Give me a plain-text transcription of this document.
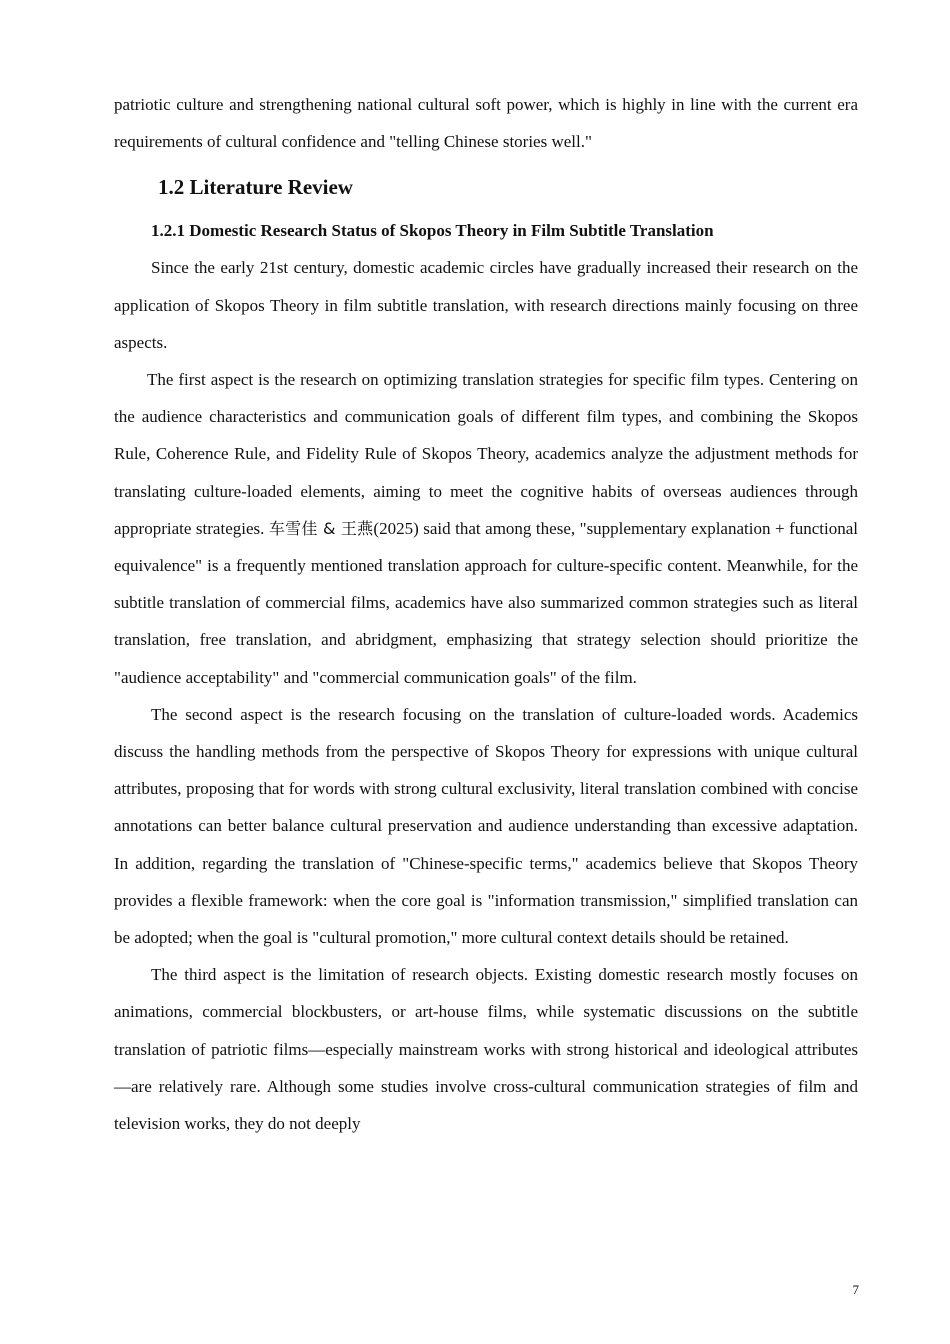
patriotic culture and strengthening national cultural soft power, which is highly in line with the current era requirements of cultural confidence and "telling Chinese stories well."

1.2 Literature Review
1.2.1 Domestic Research Status of Skopos Theory in Film Subtitle Translation

Since the early 21st century, domestic academic circles have gradually increased their research on the application of Skopos Theory in film subtitle translation, with research directions mainly focusing on three aspects.

The first aspect is the research on optimizing translation strategies for specific film types. Centering on the audience characteristics and communication goals of different film types, and combining the Skopos Rule, Coherence Rule, and Fidelity Rule of Skopos Theory, academics analyze the adjustment methods for translating culture-loaded elements, aiming to meet the cognitive habits of overseas audiences through appropriate strategies. 车雪佳 & 王燕(2025) said that among these, "supplementary explanation + functional equivalence" is a frequently mentioned translation approach for culture-specific content. Meanwhile, for the subtitle translation of commercial films, academics have also summarized common strategies such as literal translation, free translation, and abridgment, emphasizing that strategy selection should prioritize the "audience acceptability" and "commercial communication goals" of the film.

The second aspect is the research focusing on the translation of culture-loaded words. Academics discuss the handling methods from the perspective of Skopos Theory for expressions with unique cultural attributes, proposing that for words with strong cultural exclusivity, literal translation combined with concise annotations can better balance cultural preservation and audience understanding than excessive adaptation. In addition, regarding the translation of "Chinese-specific terms," academics believe that Skopos Theory provides a flexible framework: when the core goal is "information transmission," simplified translation can be adopted; when the goal is "cultural promotion," more cultural context details should be retained.

The third aspect is the limitation of research objects. Existing domestic research mostly focuses on animations, commercial blockbusters, or art-house films, while systematic discussions on the subtitle translation of patriotic films—especially mainstream works with strong historical and ideological attributes—are relatively rare. Although some studies involve cross-cultural communication strategies of film and television works, they do not deeply

7
